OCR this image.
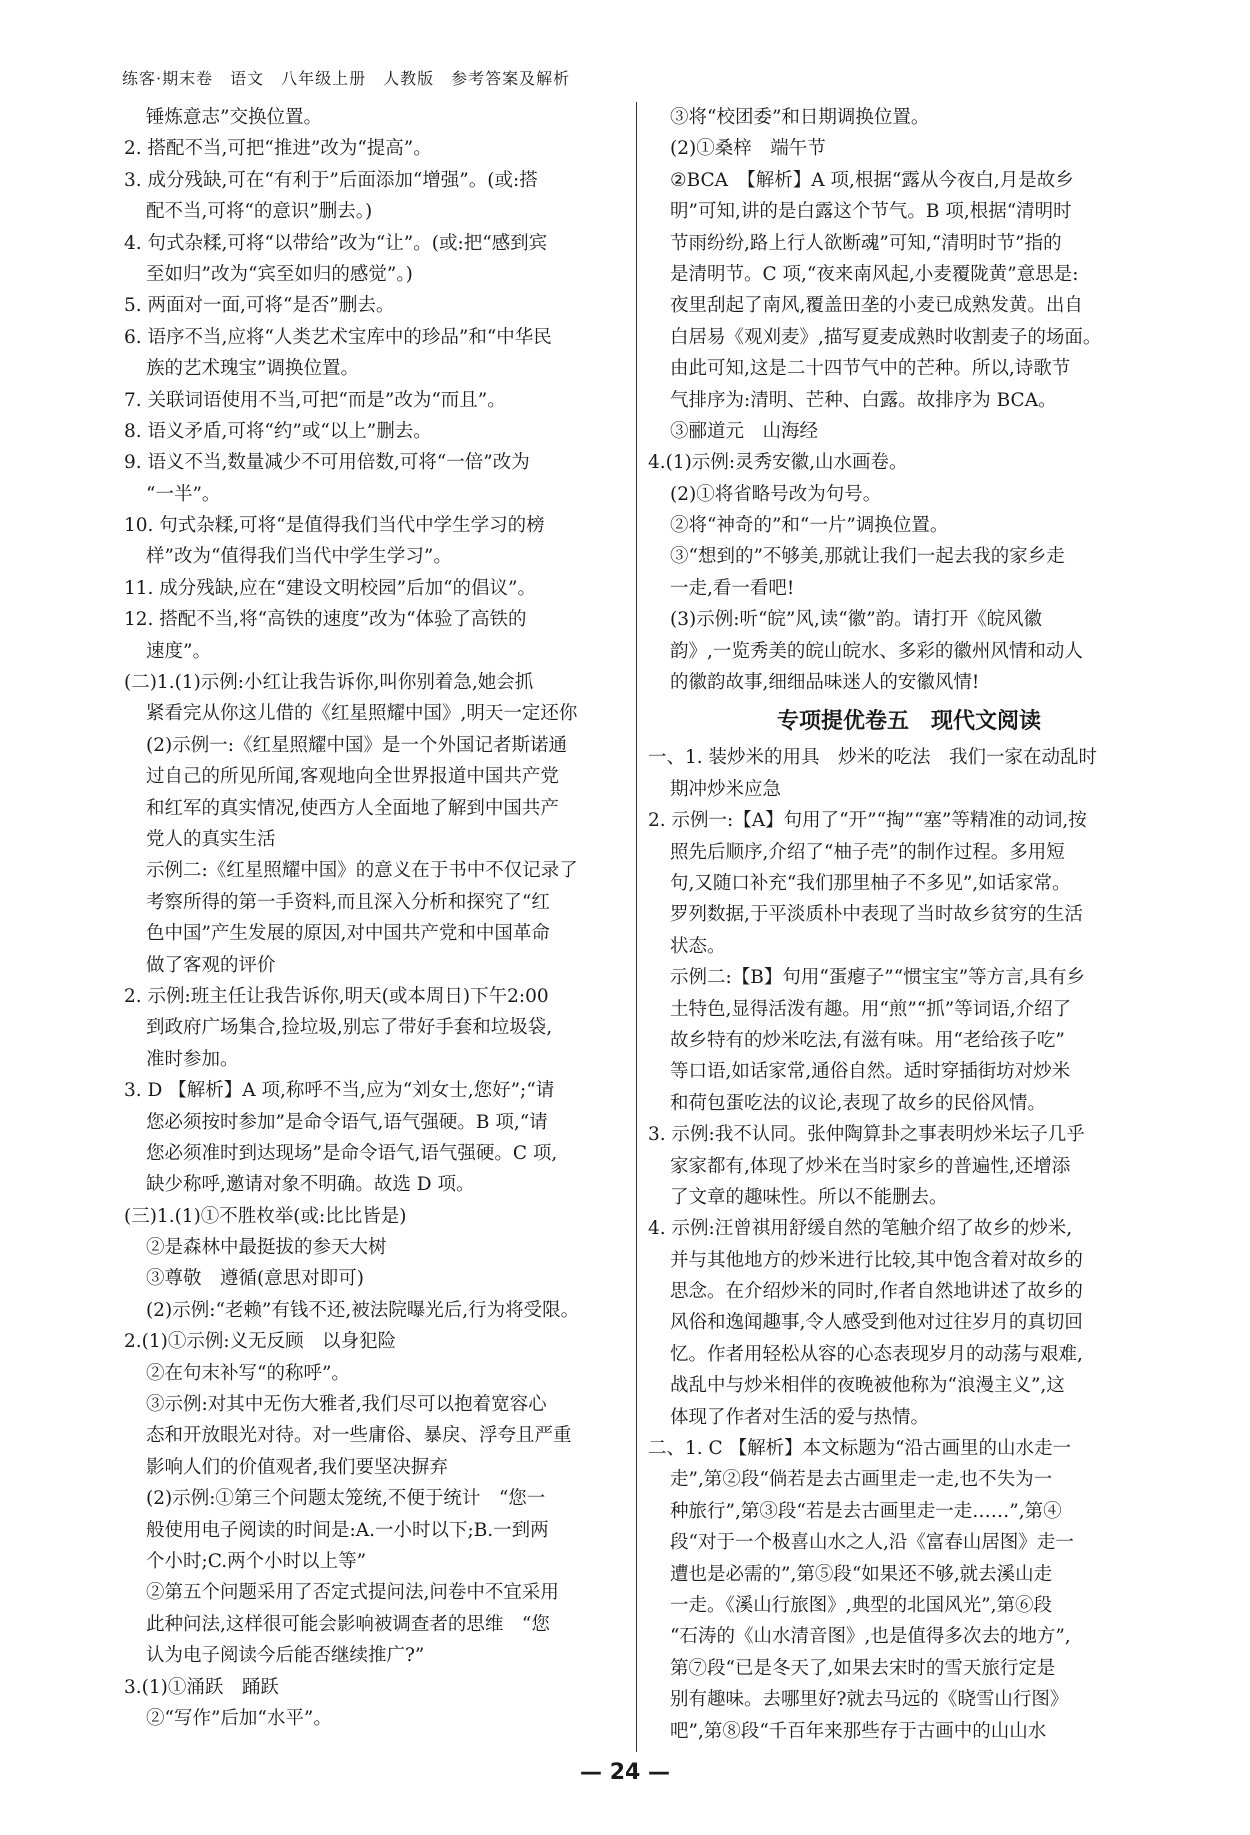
练客·期末卷　语文　八年级上册　人教版　参考答案及解析
锤炼意志”交换位置。
2. 搭配不当,可把“推进”改为“提高”。
3. 成分残缺,可在“有利于”后面添加“增强”。(或:搭
配不当,可将“的意识”删去。)
4. 句式杂糅,可将“以带给”改为“让”。(或:把“感到宾
至如归”改为“宾至如归的感觉”。)
5. 两面对一面,可将“是否”删去。
6. 语序不当,应将“人类艺术宝库中的珍品”和“中华民
族的艺术瑰宝”调换位置。
7. 关联词语使用不当,可把“而是”改为“而且”。
8. 语义矛盾,可将“约”或“以上”删去。
9. 语义不当,数量减少不可用倍数,可将“一倍”改为
“一半”。
10. 句式杂糅,可将“是值得我们当代中学生学习的榜
样”改为“值得我们当代中学生学习”。
11. 成分残缺,应在“建设文明校园”后加“的倡议”。
12. 搭配不当,将“高铁的速度”改为“体验了高铁的
速度”。
(二)1.(1)示例:小红让我告诉你,叫你别着急,她会抓
紧看完从你这儿借的《红星照耀中国》,明天一定还你
(2)示例一:《红星照耀中国》是一个外国记者斯诺通
过自己的所见所闻,客观地向全世界报道中国共产党
和红军的真实情况,使西方人全面地了解到中国共产
党人的真实生活
示例二:《红星照耀中国》的意义在于书中不仅记录了
考察所得的第一手资料,而且深入分析和探究了“红
色中国”产生发展的原因,对中国共产党和中国革命
做了客观的评价
2. 示例:班主任让我告诉你,明天(或本周日)下午2:00
到政府广场集合,捡垃圾,别忘了带好手套和垃圾袋,
准时参加。
3. D 【解析】A 项,称呼不当,应为“刘女士,您好”;“请
您必须按时参加”是命令语气,语气强硬。B 项,“请
您必须准时到达现场”是命令语气,语气强硬。C 项,
缺少称呼,邀请对象不明确。故选 D 项。
(三)1.(1)①不胜枚举(或:比比皆是)
②是森林中最挺拔的参天大树
③尊敬　遵循(意思对即可)
(2)示例:“老赖”有钱不还,被法院曝光后,行为将受限。
2.(1)①示例:义无反顾　以身犯险
②在句末补写“的称呼”。
③示例:对其中无伤大雅者,我们尽可以抱着宽容心
态和开放眼光对待。对一些庸俗、暴戾、浮夸且严重
影响人们的价值观者,我们要坚决摒弃
(2)示例:①第三个问题太笼统,不便于统计　“您一
般使用电子阅读的时间是:A.一小时以下;B.一到两
个小时;C.两个小时以上等”
②第五个问题采用了否定式提问法,问卷中不宜采用
此种问法,这样很可能会影响被调查者的思维　“您
认为电子阅读今后能否继续推广?”
3.(1)①涌跃　踊跃
②“写作”后加“水平”。
③将“校团委”和日期调换位置。
(2)①桑梓　端午节
②BCA　【解析】A 项,根据“露从今夜白,月是故乡
明”可知,讲的是白露这个节气。B 项,根据“清明时
节雨纷纷,路上行人欲断魂”可知,“清明时节”指的
是清明节。C 项,“夜来南风起,小麦覆陇黄”意思是:
夜里刮起了南风,覆盖田垄的小麦已成熟发黄。出自
白居易《观刈麦》,描写夏麦成熟时收割麦子的场面。
由此可知,这是二十四节气中的芒种。所以,诗歌节
气排序为:清明、芒种、白露。故排序为 BCA。
③郦道元　山海经
4.(1)示例:灵秀安徽,山水画卷。
(2)①将省略号改为句号。
②将“神奇的”和“一片”调换位置。
③“想到的”不够美,那就让我们一起去我的家乡走
一走,看一看吧!
(3)示例:听“皖”风,读“徽”韵。请打开《皖风徽
韵》,一览秀美的皖山皖水、多彩的徽州风情和动人
的徽韵故事,细细品味迷人的安徽风情!
专项提优卷五　现代文阅读
一、1. 装炒米的用具　炒米的吃法　我们一家在动乱时
期冲炒米应急
2. 示例一:【A】句用了“开”“掏”“塞”等精准的动词,按
照先后顺序,介绍了“柚子壳”的制作过程。多用短
句,又随口补充“我们那里柚子不多见”,如话家常。
罗列数据,于平淡质朴中表现了当时故乡贫穷的生活
状态。
示例二:【B】句用“蛋瘪子”“惯宝宝”等方言,具有乡
土特色,显得活泼有趣。用“煎”“抓”等词语,介绍了
故乡特有的炒米吃法,有滋有味。用“老给孩子吃”
等口语,如话家常,通俗自然。适时穿插街坊对炒米
和荷包蛋吃法的议论,表现了故乡的民俗风情。
3. 示例:我不认同。张仲陶算卦之事表明炒米坛子几乎
家家都有,体现了炒米在当时家乡的普遍性,还增添
了文章的趣味性。所以不能删去。
4. 示例:汪曾祺用舒缓自然的笔触介绍了故乡的炒米,
并与其他地方的炒米进行比较,其中饱含着对故乡的
思念。在介绍炒米的同时,作者自然地讲述了故乡的
风俗和逸闻趣事,令人感受到他对过往岁月的真切回
忆。作者用轻松从容的心态表现岁月的动荡与艰难,
战乱中与炒米相伴的夜晚被他称为“浪漫主义”,这
体现了作者对生活的爱与热情。
二、1. C 【解析】本文标题为“沿古画里的山水走一
走”,第②段“倘若是去古画里走一走,也不失为一
种旅行”,第③段“若是去古画里走一走……”,第④
段“对于一个极喜山水之人,沿《富春山居图》走一
遭也是必需的”,第⑤段“如果还不够,就去溪山走
一走。《溪山行旅图》,典型的北国风光”,第⑥段
“石涛的《山水清音图》,也是值得多次去的地方”,
第⑦段“已是冬天了,如果去宋时的雪天旅行定是
别有趣味。去哪里好?就去马远的《晓雪山行图》
吧”,第⑧段“千百年来那些存于古画中的山山水
— 24 —
